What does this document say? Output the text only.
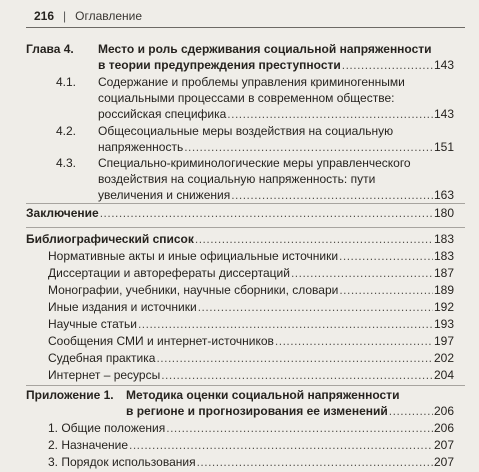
216 | Оглавление
Глава 4.	Место и роль сдерживания социальной напряженности
в теории предупреждения преступности .....	143
4.1.	Содержание и проблемы управления криминогенными
социальными процессами в современном обществе:
российская специфика .....	143
4.2.	Общесоциальные меры воздействия на социальную
напряженность .....	151
4.3.	Специально-криминологические меры управленческого
воздействия на социальную напряженность: пути
увеличения и снижения .....	163
Заключение .....	180
Библиографический список .....	183
Нормативные акты и иные официальные источники .....	183
Диссертации и авторефераты диссертаций .....	187
Монографии, учебники, научные сборники, словари .....	189
Иные издания и источники .....	192
Научные статьи .....	193
Сообщения СМИ и интернет-источников .....	197
Судебная практика .....	202
Интернет – ресурсы .....	204
Приложение 1.	Методика оценки социальной напряженности
в регионе и прогнозирования ее изменений .....	206
1. Общие положения .....	206
2. Назначение .....	207
3. Порядок использования .....	207
